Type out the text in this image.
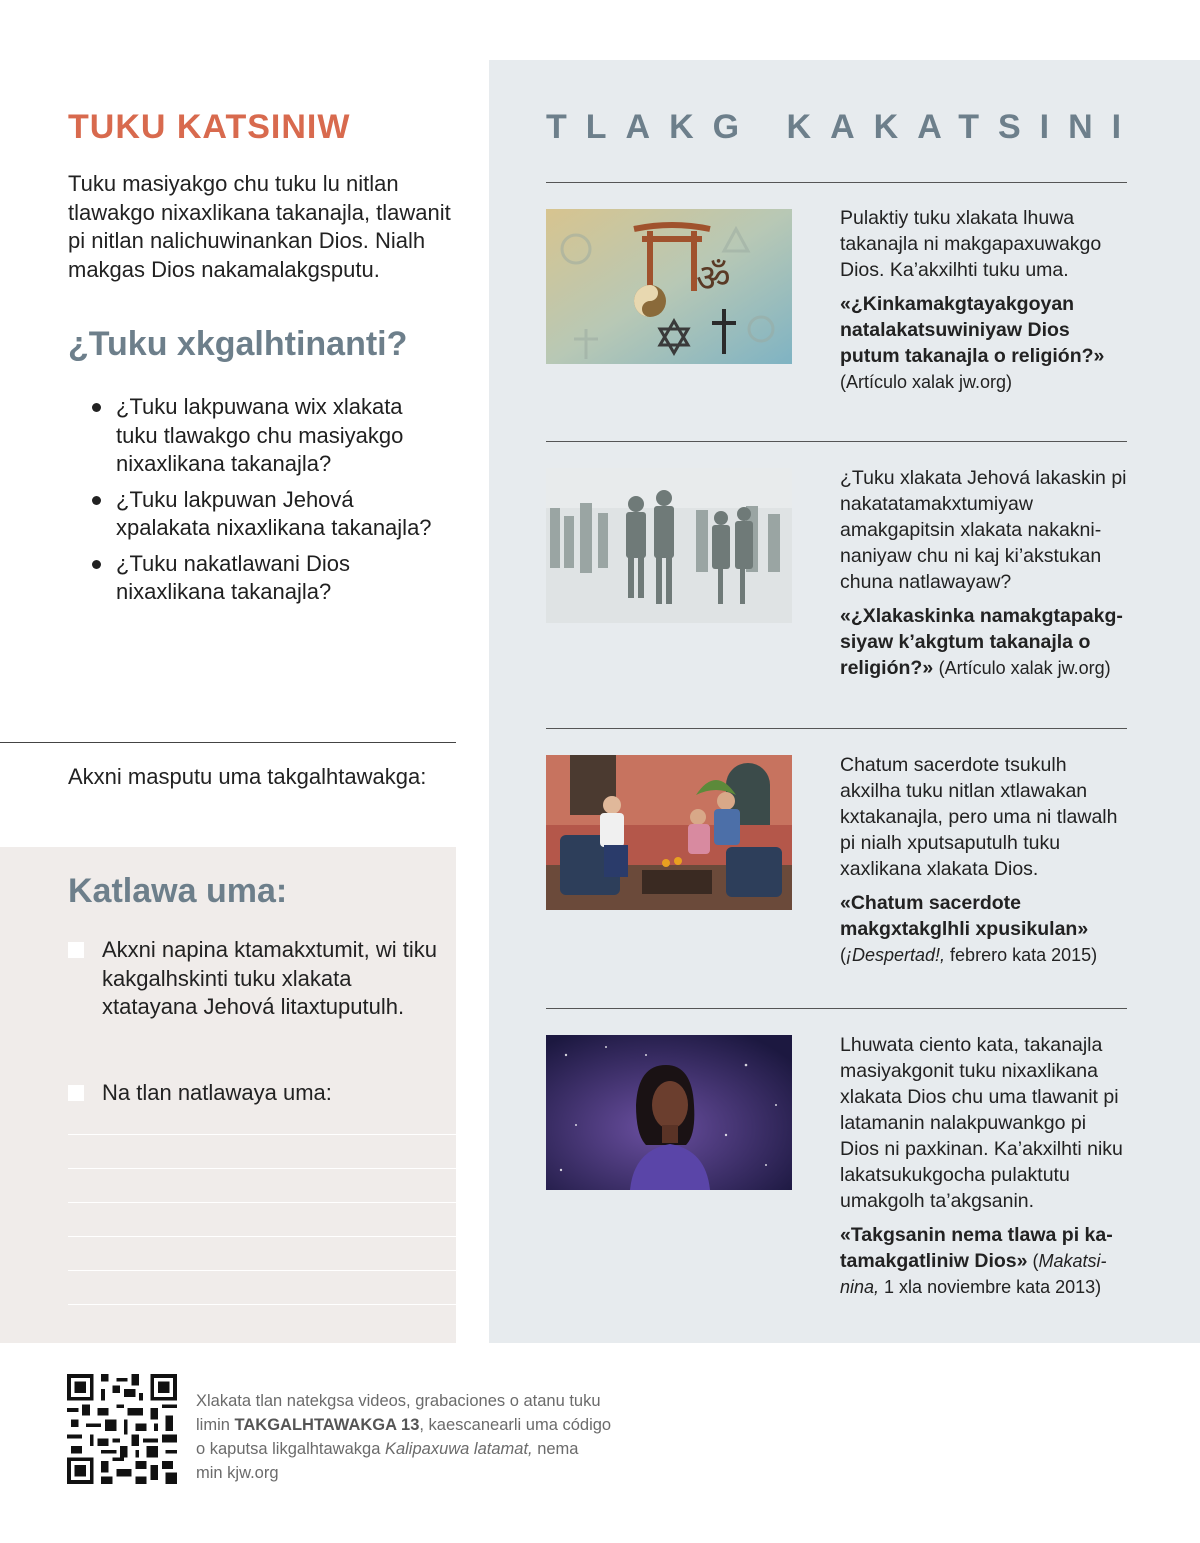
TUKU KATSINIW

Tuku masiyakgo chu tuku lu nitlan tlawakgo nixaxlikana takanajla, tlawanit pi nitlan nalichuwinankan Dios. Nialh makgas Dios nakamalakgsputu.

¿Tuku xkgalhtinanti?
¿Tuku lakpuwana wix xlakata tuku tlawakgo chu masiyakgo nixaxlikana takanajla?
¿Tuku lakpuwan Jehová xpalakata nixaxlikana takanajla?
¿Tuku nakatlawani Dios nixaxlikana takanajla?

Akxni masputu uma takgalhtawakga:

Katlawa uma:
Akxni napina ktamakxtumit, wi tiku kakgalhskinti tuku xlakata xtatayana Jehová litaxtuputulh.
Na tlan natlawaya uma:
TLAKG KAKATSINI
ॐ
Pulaktiy tuku xlakata lhuwa takanajla ni makgapaxuwakgo Dios. Ka’akxilhti tuku uma.
«¿Kinkamakgtayakgoyan natalakatsuwiniyaw Dios putum takanajla o religión?»
(Artículo xalak jw.org)
¿Tuku xlakata Jehová lakaskin pi nakatatamakxtumiyaw amakgapitsin xlakata nakakninaniyaw chu ni kaj ki’akstukan chuna natlawayaw?
«¿Xlakaskinka namakgtapakgsiyaw k’akgtum takanajla o religión?» (Artículo xalak jw.org)
Chatum sacerdote tsukulh akxilha tuku nitlan xtlawakan kxtakanajla, pero uma ni tlawalh pi nialh xputsaputulh tuku xaxlikana xlakata Dios.
«Chatum sacerdote makgxtakglhli xpusikulan»
(¡Despertad!, febrero kata 2015)
Lhuwata ciento kata, takanajla masiyakgonit tuku nixaxlikana xlakata Dios chu uma tlawanit pi latamanin nalakpuwankgo pi Dios ni paxkinan. Ka’akxilhti niku lakatsukukgocha pulaktutu umakgolh ta’akgsanin.
«Takgsanin nema tlawa pi katamakgatliniw Dios» (Makatsinina, 1 xla noviembre kata 2013)
Xlakata tlan natekgsa videos, grabaciones o atanu tuku
limin TAKGALHTAWAKGA 13, kaescanearli uma código
o kaputsa likgalhtawakga Kalipaxuwa latamat, nema
min kjw.org
